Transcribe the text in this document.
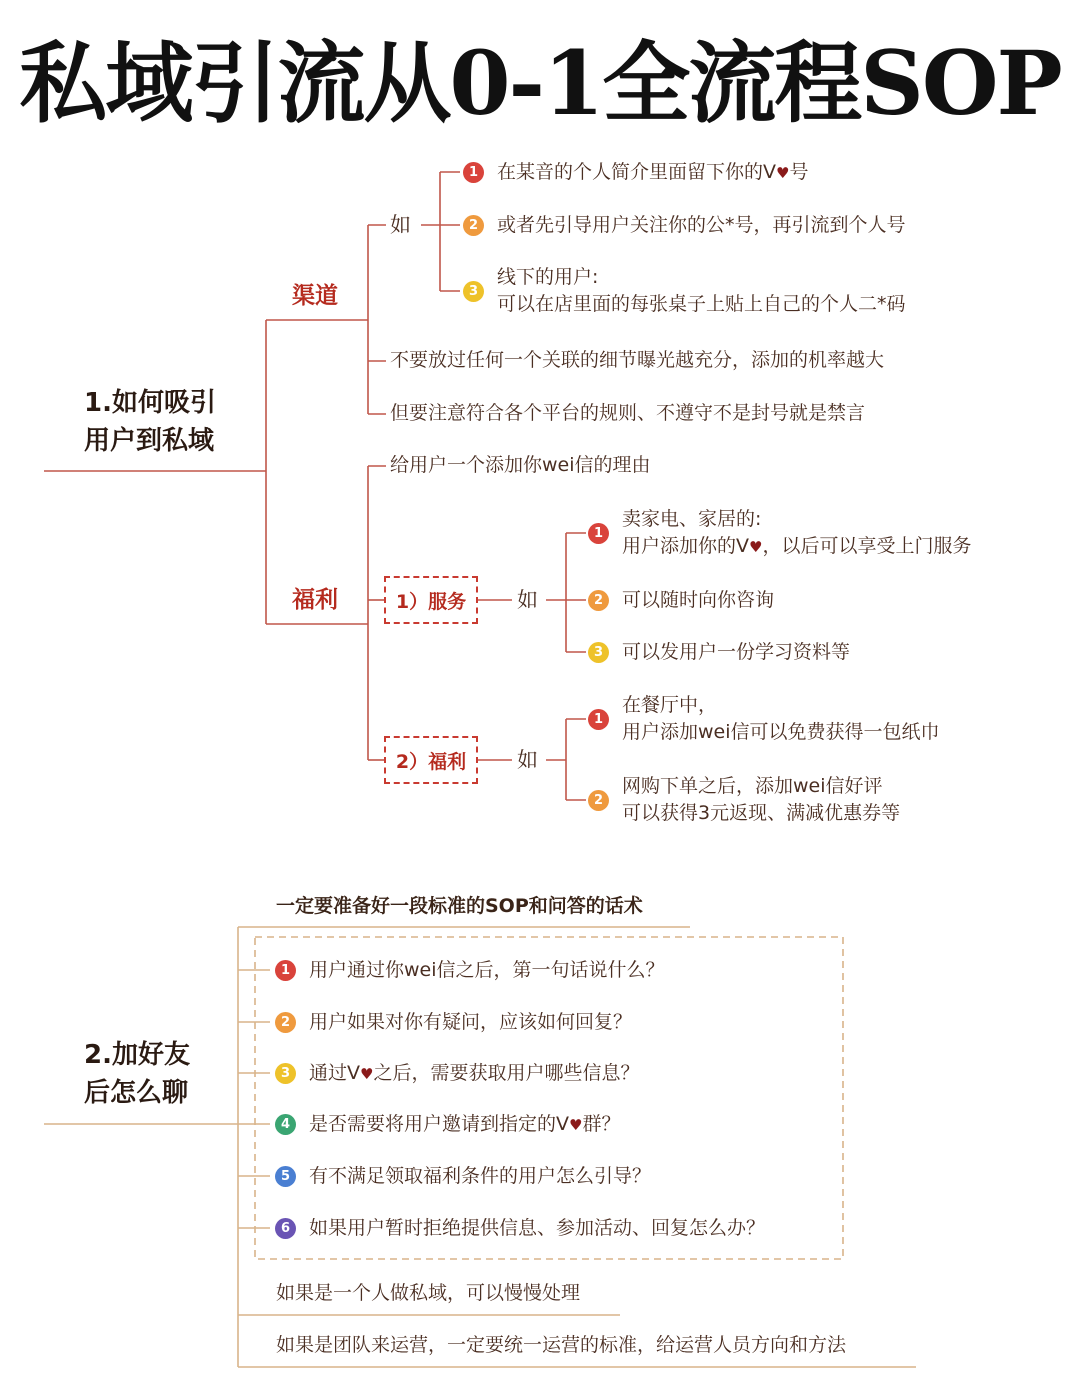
私域引流从0-1全流程SOP
1.如何吸引
用户到私域
渠道
如
1 在某音的个人简介里面留下你的V♥号
2 或者先引导用户关注你的公*号，再引流到个人号
3
线下的用户:
可以在店里面的每张桌子上贴上自己的个人二*码
不要放过任何一个关联的细节曝光越充分，添加的机率越大
但要注意符合各个平台的规则、不遵守不是封号就是禁言
福利
给用户一个添加你wei信的理由
1）服务 如
1
卖家电、家居的:
用户添加你的V♥，以后可以享受上门服务
2 可以随时向你咨询
3 可以发用户一份学习资料等
2）福利 如
1
在餐厅中，
用户添加wei信可以免费获得一包纸巾
2
网购下单之后，添加wei信好评
可以获得3元返现、满减优惠券等
2.加好友
后怎么聊
一定要准备好一段标准的SOP和问答的话术
1 用户通过你wei信之后，第一句话说什么？
2 用户如果对你有疑问，应该如何回复？
3 通过V♥之后，需要获取用户哪些信息？
4 是否需要将用户邀请到指定的V♥群？
5 有不满足领取福利条件的用户怎么引导？
6 如果用户暂时拒绝提供信息、参加活动、回复怎么办？
如果是一个人做私域，可以慢慢处理
如果是团队来运营，一定要统一运营的标准，给运营人员方向和方法
